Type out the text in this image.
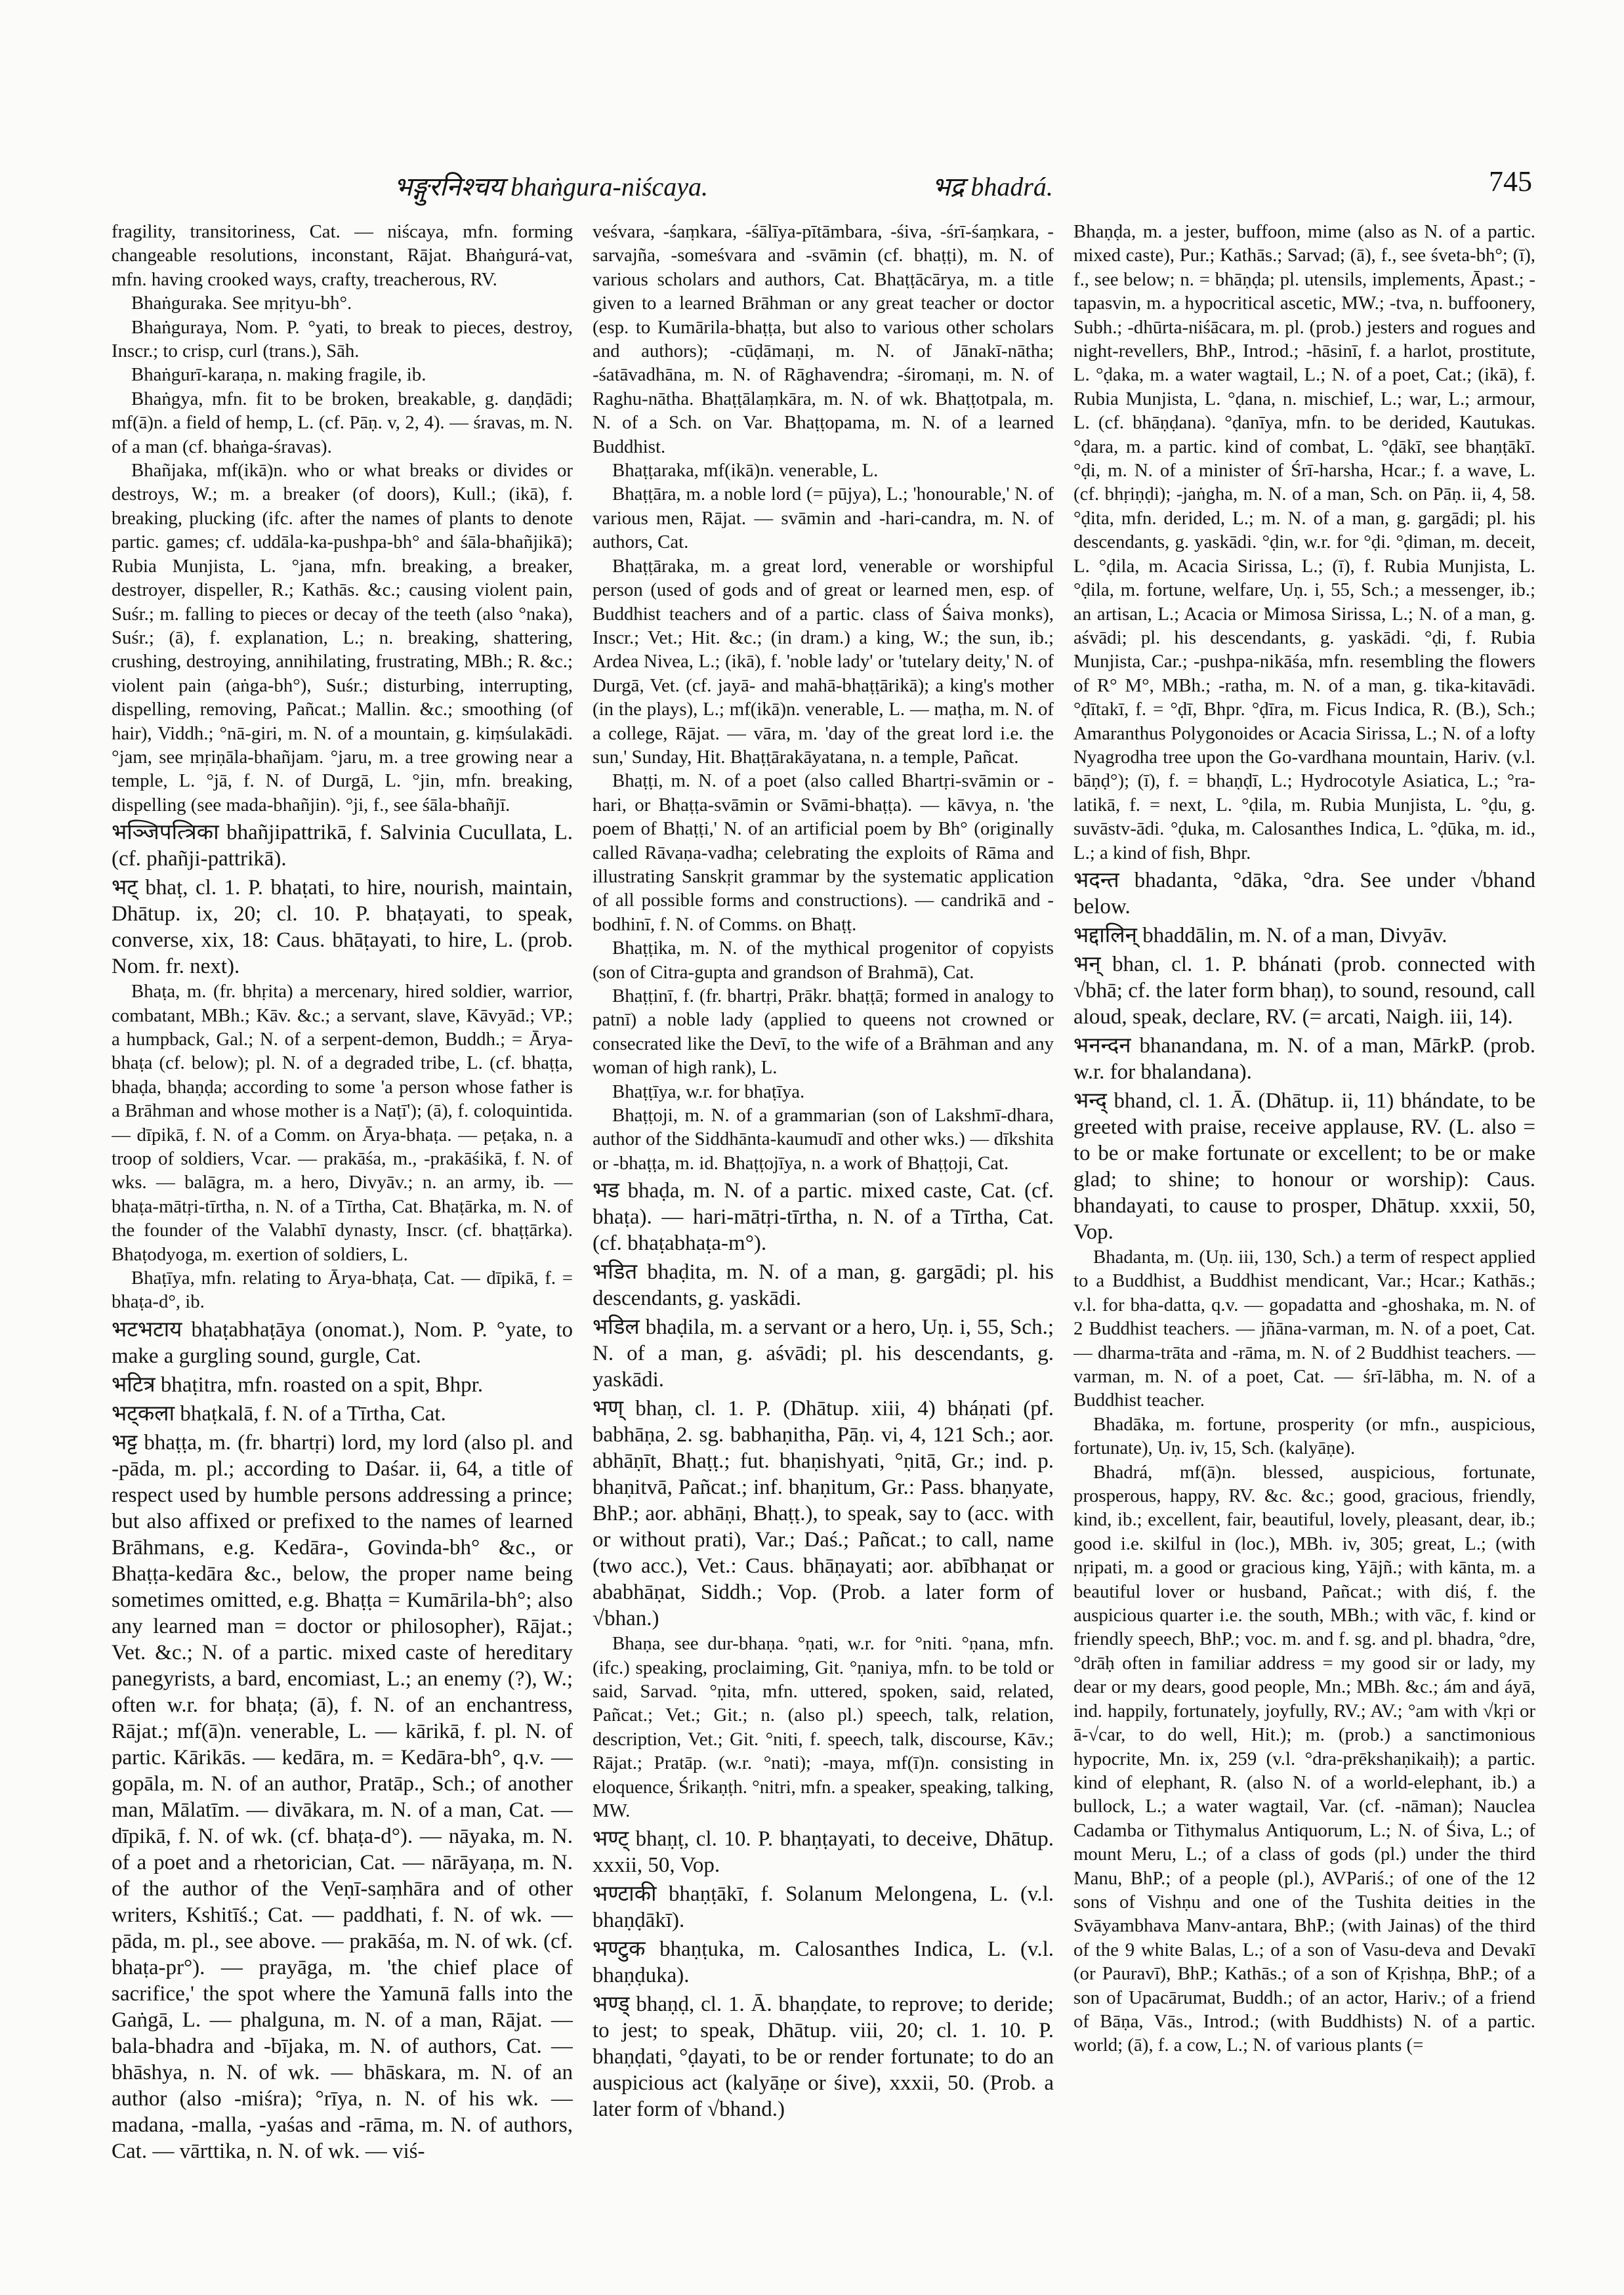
भङ्गुरनिश्चय bhaṅgura-niścaya.	भद्र bhadrá.	745

fragility, transitoriness, Cat. — niścaya, mfn. forming changeable resolutions, inconstant, Rājat. Bhaṅgurá-vat, mfn. having crooked ways, crafty, treacherous, RV.

Bhaṅguraka. See mṛityu-bh°.

Bhaṅguraya, Nom. P. °yati, to break to pieces, destroy, Inscr.; to crisp, curl (trans.), Sāh.

Bhaṅgurī-karaṇa, n. making fragile, ib.

Bhaṅgya, mfn. fit to be broken, breakable, g. daṇḍādi; mf(ā)n. a field of hemp, L. (cf. Pāṇ. v, 2, 4). — śravas, m. N. of a man (cf. bhaṅga-śravas).

Bhañjaka, mf(ikā)n. who or what breaks or divides or destroys, W.; m. a breaker (of doors), Kull.; (ikā), f. breaking, plucking (ifc. after the names of plants to denote partic. games; cf. uddāla-ka-pushpa-bh° and śāla-bhañjikā); Rubia Munjista, L. °jana, mfn. breaking, a breaker, destroyer, dispeller, R.; Kathās. &c.; causing violent pain, Suśr.; m. falling to pieces or decay of the teeth (also °naka), Suśr.; (ā), f. explanation, L.; n. breaking, shattering, crushing, destroying, annihilating, frustrating, MBh.; R. &c.; violent pain (aṅga-bh°), Suśr.; disturbing, interrupting, dispelling, removing, Pañcat.; Mallin. &c.; smoothing (of hair), Viddh.; °nā-giri, m. N. of a mountain, g. kiṃśulakādi. °jam, see mṛiṇāla-bhañjam. °jaru, m. a tree growing near a temple, L. °jā, f. N. of Durgā, L. °jin, mfn. breaking, dispelling (see mada-bhañjin). °ji, f., see śāla-bhañjī.

भञ्जिपत्त्रिका bhañjipattrikā, f. Salvinia Cucullata, L. (cf. phañji-pattrikā).

भट् bhaṭ, cl. 1. P. bhaṭati, to hire, nourish, maintain, Dhātup. ix, 20; cl. 10. P. bhaṭayati, to speak, converse, xix, 18: Caus. bhāṭayati, to hire, L. (prob. Nom. fr. next).

Bhaṭa, m. (fr. bhṛita) a mercenary, hired soldier, warrior, combatant, MBh.; Kāv. &c.; a servant, slave, Kāvyād.; VP.; a humpback, Gal.; N. of a serpent-demon, Buddh.; = Ārya-bhaṭa (cf. below); pl. N. of a degraded tribe, L. (cf. bhaṭṭa, bhaḍa, bhaṇḍa; according to some 'a person whose father is a Brāhman and whose mother is a Naṭī'); (ā), f. coloquintida. — dīpikā, f. N. of a Comm. on Ārya-bhaṭa. — peṭaka, n. a troop of soldiers, Vcar. — prakāśa, m., -prakāśikā, f. N. of wks. — balāgra, m. a hero, Divyāv.; n. an army, ib. — bhaṭa-mātṛi-tīrtha, n. N. of a Tīrtha, Cat. Bhaṭārka, m. N. of the founder of the Valabhī dynasty, Inscr. (cf. bhaṭṭārka). Bhaṭodyoga, m. exertion of soldiers, L.

Bhaṭīya, mfn. relating to Ārya-bhaṭa, Cat. — dīpikā, f. = bhaṭa-d°, ib.

भटभटाय bhaṭabhaṭāya (onomat.), Nom. P. °yate, to make a gurgling sound, gurgle, Cat.

भटित्र bhaṭitra, mfn. roasted on a spit, Bhpr.

भट्कला bhaṭkalā, f. N. of a Tīrtha, Cat.

भट्ट bhaṭṭa, m. (fr. bhartṛi) lord, my lord (also pl. and -pāda, m. pl.; according to Daśar. ii, 64, a title of respect used by humble persons addressing a prince; but also affixed or prefixed to the names of learned Brāhmans, e.g. Kedāra-, Govinda-bh° &c., or Bhaṭṭa-kedāra &c., below, the proper name being sometimes omitted, e.g. Bhaṭṭa = Kumārila-bh°; also any learned man = doctor or philosopher), Rājat.; Vet. &c.; N. of a partic. mixed caste of hereditary panegyrists, a bard, encomiast, L.; an enemy (?), W.; often w.r. for bhaṭa; (ā), f. N. of an enchantress, Rājat.; mf(ā)n. venerable, L. — kārikā, f. pl. N. of partic. Kārikās. — kedāra, m. = Kedāra-bh°, q.v. — gopāla, m. N. of an author, Pratāp., Sch.; of another man, Mālatīm. — divākara, m. N. of a man, Cat. — dīpikā, f. N. of wk. (cf. bhaṭa-d°). — nāyaka, m. N. of a poet and a rhetorician, Cat. — nārāyaṇa, m. N. of the author of the Veṇī-saṃhāra and of other writers, Kshitīś.; Cat. — paddhati, f. N. of wk. — pāda, m. pl., see above. — prakāśa, m. N. of wk. (cf. bhaṭa-pr°). — prayāga, m. 'the chief place of sacrifice,' the spot where the Yamunā falls into the Gaṅgā, L. — phalguna, m. N. of a man, Rājat. — bala-bhadra and -bījaka, m. N. of authors, Cat. — bhāshya, n. N. of wk. — bhāskara, m. N. of an author (also -miśra); °rīya, n. N. of his wk. — madana, -malla, -yaśas and -rāma, m. N. of authors, Cat. — vārttika, n. N. of wk. — viś-

veśvara, -śaṃkara, -śālīya-pītāmbara, -śiva, -śrī-śaṃkara, -sarvajña, -someśvara and -svāmin (cf. bhaṭṭi), m. N. of various scholars and authors, Cat. Bhaṭṭācārya, m. a title given to a learned Brāhman or any great teacher or doctor (esp. to Kumārila-bhaṭṭa, but also to various other scholars and authors); -cūḍāmaṇi, m. N. of Jānakī-nātha; -śatāvadhāna, m. N. of Rāghavendra; -śiromaṇi, m. N. of Raghu-nātha. Bhaṭṭālaṃkāra, m. N. of wk. Bhaṭṭotpala, m. N. of a Sch. on Var. Bhaṭṭopama, m. N. of a learned Buddhist.

Bhaṭṭaraka, mf(ikā)n. venerable, L.

Bhaṭṭāra, m. a noble lord (= pūjya), L.; 'honourable,' N. of various men, Rājat. — svāmin and -hari-candra, m. N. of authors, Cat.

Bhaṭṭāraka, m. a great lord, venerable or worshipful person (used of gods and of great or learned men, esp. of Buddhist teachers and of a partic. class of Śaiva monks), Inscr.; Vet.; Hit. &c.; (in dram.) a king, W.; the sun, ib.; Ardea Nivea, L.; (ikā), f. 'noble lady' or 'tutelary deity,' N. of Durgā, Vet. (cf. jayā- and mahā-bhaṭṭārikā); a king's mother (in the plays), L.; mf(ikā)n. venerable, L. — maṭha, m. N. of a college, Rājat. — vāra, m. 'day of the great lord i.e. the sun,' Sunday, Hit. Bhaṭṭārakāyatana, n. a temple, Pañcat.

Bhaṭṭi, m. N. of a poet (also called Bhartṛi-svāmin or -hari, or Bhaṭṭa-svāmin or Svāmi-bhaṭṭa). — kāvya, n. 'the poem of Bhaṭṭi,' N. of an artificial poem by Bh° (originally called Rāvaṇa-vadha; celebrating the exploits of Rāma and illustrating Sanskṛit grammar by the systematic application of all possible forms and constructions). — candrikā and -bodhinī, f. N. of Comms. on Bhaṭṭ.

Bhaṭṭika, m. N. of the mythical progenitor of copyists (son of Citra-gupta and grandson of Brahmā), Cat.

Bhaṭṭinī, f. (fr. bhartṛi, Prākr. bhaṭṭā; formed in analogy to patnī) a noble lady (applied to queens not crowned or consecrated like the Devī, to the wife of a Brāhman and any woman of high rank), L.

Bhaṭṭīya, w.r. for bhaṭīya.

Bhaṭṭoji, m. N. of a grammarian (son of Lakshmī-dhara, author of the Siddhānta-kaumudī and other wks.) — dīkshita or -bhaṭṭa, m. id. Bhaṭṭojīya, n. a work of Bhaṭṭoji, Cat.

भड bhaḍa, m. N. of a partic. mixed caste, Cat. (cf. bhaṭa). — hari-mātṛi-tīrtha, n. N. of a Tīrtha, Cat. (cf. bhaṭabhaṭa-m°).

भडित bhaḍita, m. N. of a man, g. gargādi; pl. his descendants, g. yaskādi.

भडिल bhaḍila, m. a servant or a hero, Uṇ. i, 55, Sch.; N. of a man, g. aśvādi; pl. his descendants, g. yaskādi.

भण् bhaṇ, cl. 1. P. (Dhātup. xiii, 4) bháṇati (pf. babhāṇa, 2. sg. babhaṇitha, Pāṇ. vi, 4, 121 Sch.; aor. abhāṇīt, Bhaṭṭ.; fut. bhaṇishyati, °ṇitā, Gr.; ind. p. bhaṇitvā, Pañcat.; inf. bhaṇitum, Gr.: Pass. bhaṇyate, BhP.; aor. abhāṇi, Bhaṭṭ.), to speak, say to (acc. with or without prati), Var.; Daś.; Pañcat.; to call, name (two acc.), Vet.: Caus. bhāṇayati; aor. abībhaṇat or ababhāṇat, Siddh.; Vop. (Prob. a later form of √bhan.)

Bhaṇa, see dur-bhaṇa. °ṇati, w.r. for °niti. °ṇana, mfn. (ifc.) speaking, proclaiming, Git. °ṇaniya, mfn. to be told or said, Sarvad. °ṇita, mfn. uttered, spoken, said, related, Pañcat.; Vet.; Git.; n. (also pl.) speech, talk, relation, description, Vet.; Git. °niti, f. speech, talk, discourse, Kāv.; Rājat.; Pratāp. (w.r. °nati); -maya, mf(ī)n. consisting in eloquence, Śrikaṇṭh. °nitri, mfn. a speaker, speaking, talking, MW.

भण्ट् bhaṇṭ, cl. 10. P. bhaṇṭayati, to deceive, Dhātup. xxxii, 50, Vop.

भण्टाकी bhaṇṭākī, f. Solanum Melongena, L. (v.l. bhaṇḍākī).

भण्टुक bhaṇṭuka, m. Calosanthes Indica, L. (v.l. bhaṇḍuka).

भण्ड् bhaṇḍ, cl. 1. Ā. bhaṇḍate, to reprove; to deride; to jest; to speak, Dhātup. viii, 20; cl. 1. 10. P. bhaṇḍati, °ḍayati, to be or render fortunate; to do an auspicious act (kalyāṇe or śive), xxxii, 50. (Prob. a later form of √bhand.)

Bhaṇḍa, m. a jester, buffoon, mime (also as N. of a partic. mixed caste), Pur.; Kathās.; Sarvad; (ā), f., see śveta-bh°; (ī), f., see below; n. = bhāṇḍa; pl. utensils, implements, Āpast.; -tapasvin, m. a hypocritical ascetic, MW.; -tva, n. buffoonery, Subh.; -dhūrta-niśācara, m. pl. (prob.) jesters and rogues and night-revellers, BhP., Introd.; -hāsinī, f. a harlot, prostitute, L. °ḍaka, m. a water wagtail, L.; N. of a poet, Cat.; (ikā), f. Rubia Munjista, L. °ḍana, n. mischief, L.; war, L.; armour, L. (cf. bhāṇḍana). °ḍanīya, mfn. to be derided, Kautukas. °ḍara, m. a partic. kind of combat, L. °ḍākī, see bhaṇṭākī. °ḍi, m. N. of a minister of Śrī-harsha, Hcar.; f. a wave, L. (cf. bhṛiṇḍi); -jaṅgha, m. N. of a man, Sch. on Pāṇ. ii, 4, 58. °ḍita, mfn. derided, L.; m. N. of a man, g. gargādi; pl. his descendants, g. yaskādi. °ḍin, w.r. for °ḍi. °ḍiman, m. deceit, L. °ḍila, m. Acacia Sirissa, L.; (ī), f. Rubia Munjista, L. °ḍila, m. fortune, welfare, Uṇ. i, 55, Sch.; a messenger, ib.; an artisan, L.; Acacia or Mimosa Sirissa, L.; N. of a man, g. aśvādi; pl. his descendants, g. yaskādi. °ḍi, f. Rubia Munjista, Car.; -pushpa-nikāśa, mfn. resembling the flowers of R° M°, MBh.; -ratha, m. N. of a man, g. tika-kitavādi. °ḍītakī, f. = °ḍī, Bhpr. °ḍīra, m. Ficus Indica, R. (B.), Sch.; Amaranthus Polygonoides or Acacia Sirissa, L.; N. of a lofty Nyagrodha tree upon the Go-vardhana mountain, Hariv. (v.l. bāṇḍ°); (ī), f. = bhaṇḍī, L.; Hydrocotyle Asiatica, L.; °ra-latikā, f. = next, L. °ḍila, m. Rubia Munjista, L. °ḍu, g. suvāstv-ādi. °ḍuka, m. Calosanthes Indica, L. °ḍūka, m. id., L.; a kind of fish, Bhpr.

भदन्त bhadanta, °dāka, °dra. See under √bhand below.

भद्दालिन् bhaddālin, m. N. of a man, Divyāv.

भन् bhan, cl. 1. P. bhánati (prob. connected with √bhā; cf. the later form bhaṇ), to sound, resound, call aloud, speak, declare, RV. (= arcati, Naigh. iii, 14).

भनन्दन bhanandana, m. N. of a man, MārkP. (prob. w.r. for bhalandana).

भन्द् bhand, cl. 1. Ā. (Dhātup. ii, 11) bhándate, to be greeted with praise, receive applause, RV. (L. also = to be or make fortunate or excellent; to be or make glad; to shine; to honour or worship): Caus. bhandayati, to cause to prosper, Dhātup. xxxii, 50, Vop.

Bhadanta, m. (Uṇ. iii, 130, Sch.) a term of respect applied to a Buddhist, a Buddhist mendicant, Var.; Hcar.; Kathās.; v.l. for bha-datta, q.v. — gopadatta and -ghoshaka, m. N. of 2 Buddhist teachers. — jñāna-varman, m. N. of a poet, Cat. — dharma-trāta and -rāma, m. N. of 2 Buddhist teachers. — varman, m. N. of a poet, Cat. — śrī-lābha, m. N. of a Buddhist teacher.

Bhadāka, m. fortune, prosperity (or mfn., auspicious, fortunate), Uṇ. iv, 15, Sch. (kalyāṇe).

Bhadrá, mf(ā)n. blessed, auspicious, fortunate, prosperous, happy, RV. &c. &c.; good, gracious, friendly, kind, ib.; excellent, fair, beautiful, lovely, pleasant, dear, ib.; good i.e. skilful in (loc.), MBh. iv, 305; great, L.; (with nṛipati, m. a good or gracious king, Yājñ.; with kānta, m. a beautiful lover or husband, Pañcat.; with diś, f. the auspicious quarter i.e. the south, MBh.; with vāc, f. kind or friendly speech, BhP.; voc. m. and f. sg. and pl. bhadra, °dre, °drāḥ often in familiar address = my good sir or lady, my dear or my dears, good people, Mn.; MBh. &c.; ám and áyā, ind. happily, fortunately, joyfully, RV.; AV.; °am with √kṛi or ā-√car, to do well, Hit.); m. (prob.) a sanctimonious hypocrite, Mn. ix, 259 (v.l. °dra-prēkshaṇikaiḥ); a partic. kind of elephant, R. (also N. of a world-elephant, ib.) a bullock, L.; a water wagtail, Var. (cf. -nāman); Nauclea Cadamba or Tithymalus Antiquorum, L.; N. of Śiva, L.; of mount Meru, L.; of a class of gods (pl.) under the third Manu, BhP.; of a people (pl.), AVPariś.; of one of the 12 sons of Vishṇu and one of the Tushita deities in the Svāyambhava Manv-antara, BhP.; (with Jainas) of the third of the 9 white Balas, L.; of a son of Vasu-deva and Devakī (or Pauravī), BhP.; Kathās.; of a son of Kṛishṇa, BhP.; of a son of Upacārumat, Buddh.; of an actor, Hariv.; of a friend of Bāṇa, Vās., Introd.; (with Buddhists) N. of a partic. world; (ā), f. a cow, L.; N. of various plants (=
